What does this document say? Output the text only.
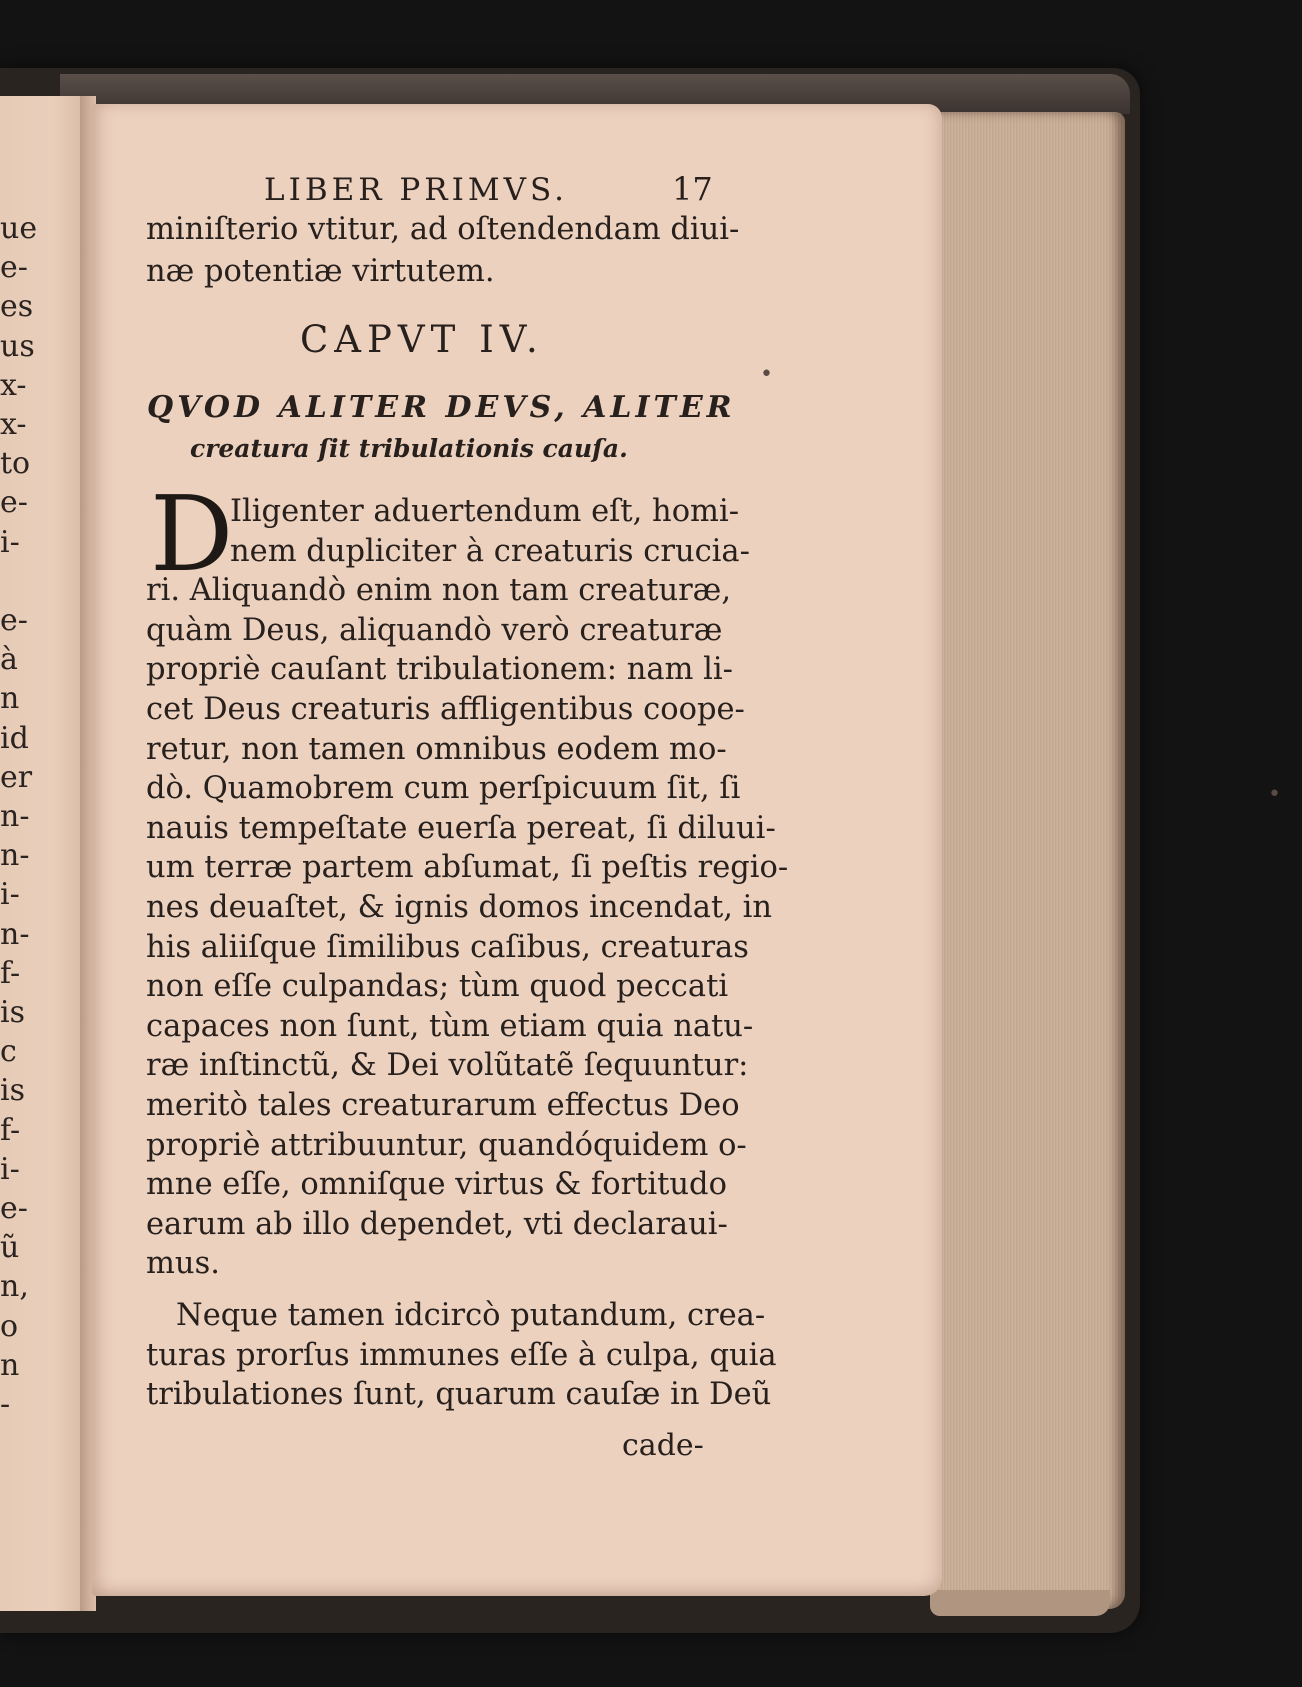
ue

e-

es

us

x-

x-

to

e-

i-

e-

à

n

id

er

n-

n-

i-

n-

f-

is

c

is

f-

i-

e-

ũ

n,

o

n

-

LIBER PRIMVS.	17

miniſterio vtitur, ad oſtendendam diui-

næ potentiæ virtutem.

CAPVT IV.

QVOD ALITER DEVS, ALITER

creatura ſit tribulationis cauſa.

D

Iligenter aduertendum eſt, homi-

nem dupliciter à creaturis crucia-

ri. Aliquandò enim non tam creaturæ,

quàm Deus, aliquandò verò creaturæ

propriè cauſant tribulationem: nam li-

cet Deus creaturis affligentibus coope-

retur, non tamen omnibus eodem mo-

dò. Quamobrem cum perſpicuum ſit, ſi

nauis tempeſtate euerſa pereat, ſi diluui-

um terræ partem abſumat, ſi peſtis regio-

nes deuaſtet, & ignis domos incendat, in

his aliiſque ſimilibus caſibus, creaturas

non eſſe culpandas; tùm quod peccati

capaces non ſunt, tùm etiam quia natu-

ræ inſtinctũ, & Dei volũtatẽ ſequuntur:

meritò tales creaturarum effectus Deo

propriè attribuuntur, quandóquidem o-

mne eſſe, omniſque virtus & fortitudo

earum ab illo dependet, vti declaraui-

mus.

Neque tamen idcircò putandum, crea-

turas prorſus immunes eſſe à culpa, quia

tribulationes ſunt, quarum cauſæ in Deũ

cade-

•
•
